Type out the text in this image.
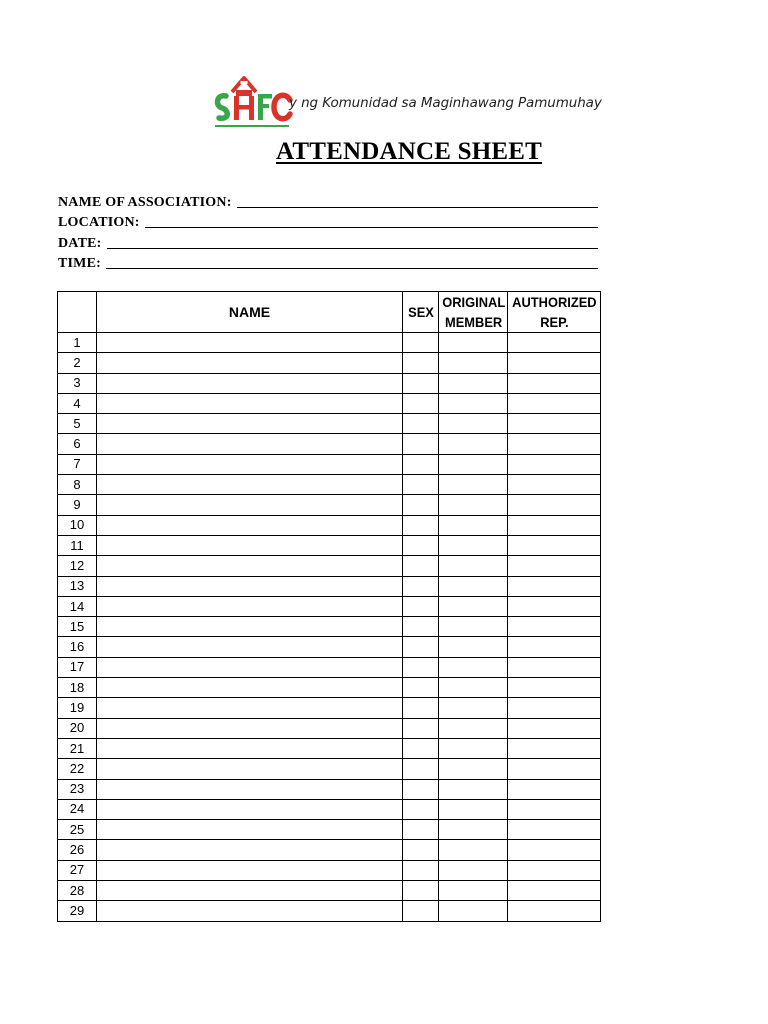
y ng Komunidad sa Maginhawang Pamumuhay
ATTENDANCE SHEET
NAME OF ASSOCIATION:
LOCATION:
DATE:
TIME:
	NAME	SEX	ORIGINAL MEMBER	AUTHORIZED REP.
1				
2				
3				
4				
5				
6				
7				
8				
9				
10				
11				
12				
13				
14				
15				
16				
17				
18				
19				
20				
21				
22				
23				
24				
25				
26				
27				
28				
29				
